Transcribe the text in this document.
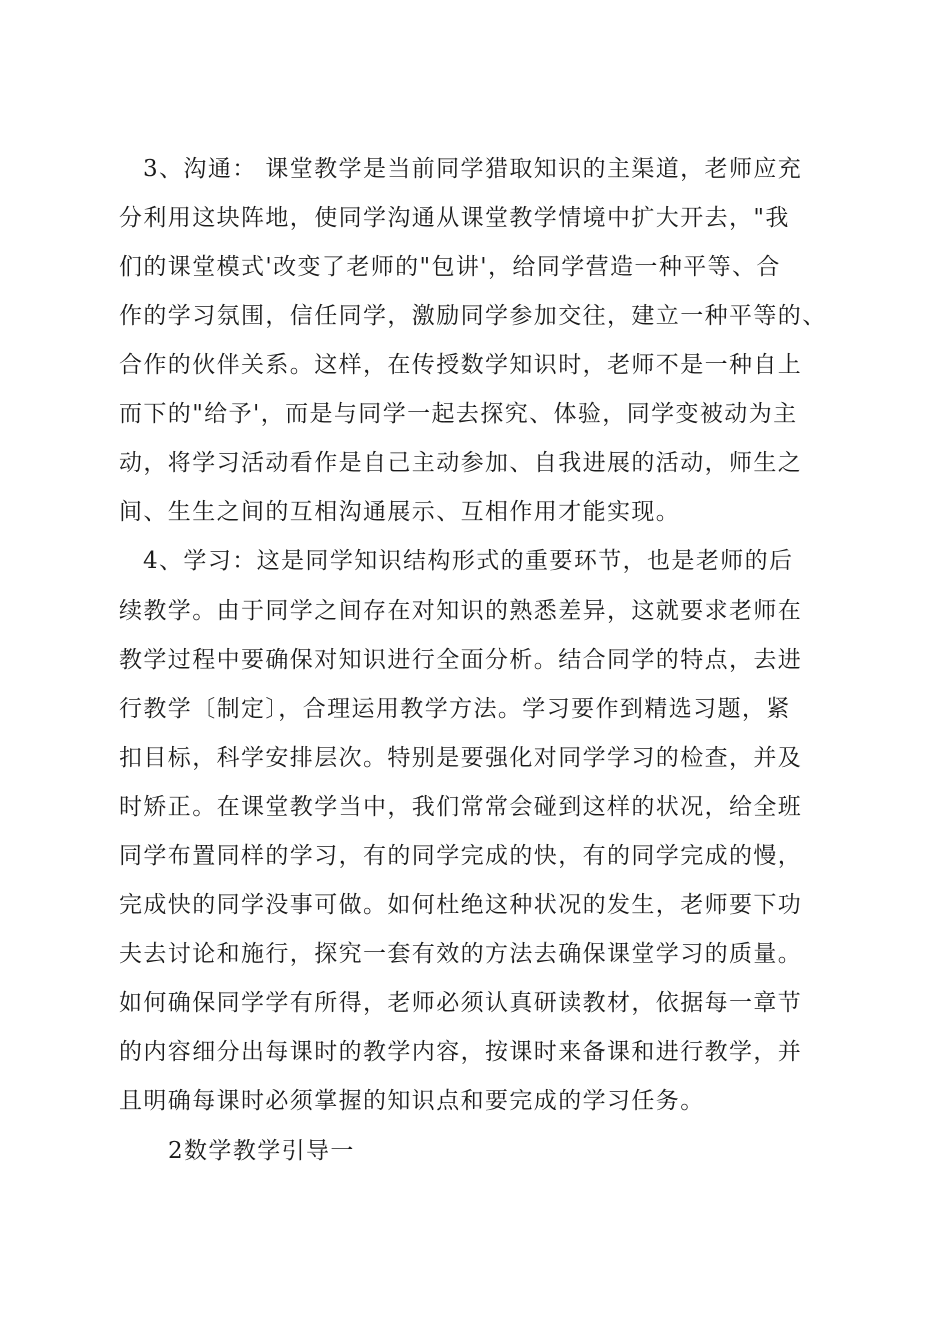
3、沟通： 课堂教学是当前同学猎取知识的主渠道，老师应充
分利用这块阵地，使同学沟通从课堂教学情境中扩大开去，"我
们的课堂模式'改变了老师的"包讲'，给同学营造一种平等、合
作的学习氛围，信任同学，激励同学参加交往，建立一种平等的、
合作的伙伴关系。这样，在传授数学知识时，老师不是一种自上
而下的"给予'，而是与同学一起去探究、体验，同学变被动为主
动，将学习活动看作是自己主动参加、自我进展的活动，师生之
间、生生之间的互相沟通展示、互相作用才能实现。
4、学习：这是同学知识结构形式的重要环节，也是老师的后
续教学。由于同学之间存在对知识的熟悉差异，这就要求老师在
教学过程中要确保对知识进行全面分析。结合同学的特点，去进
行教学〔制定〕，合理运用教学方法。学习要作到精选习题，紧
扣目标，科学安排层次。特别是要强化对同学学习的检查，并及
时矫正。在课堂教学当中，我们常常会碰到这样的状况，给全班
同学布置同样的学习，有的同学完成的快，有的同学完成的慢，
完成快的同学没事可做。如何杜绝这种状况的发生，老师要下功
夫去讨论和施行，探究一套有效的方法去确保课堂学习的质量。
如何确保同学学有所得，老师必须认真研读教材，依据每一章节
的内容细分出每课时的教学内容，按课时来备课和进行教学，并
且明确每课时必须掌握的知识点和要完成的学习任务。
2数学教学引导一
